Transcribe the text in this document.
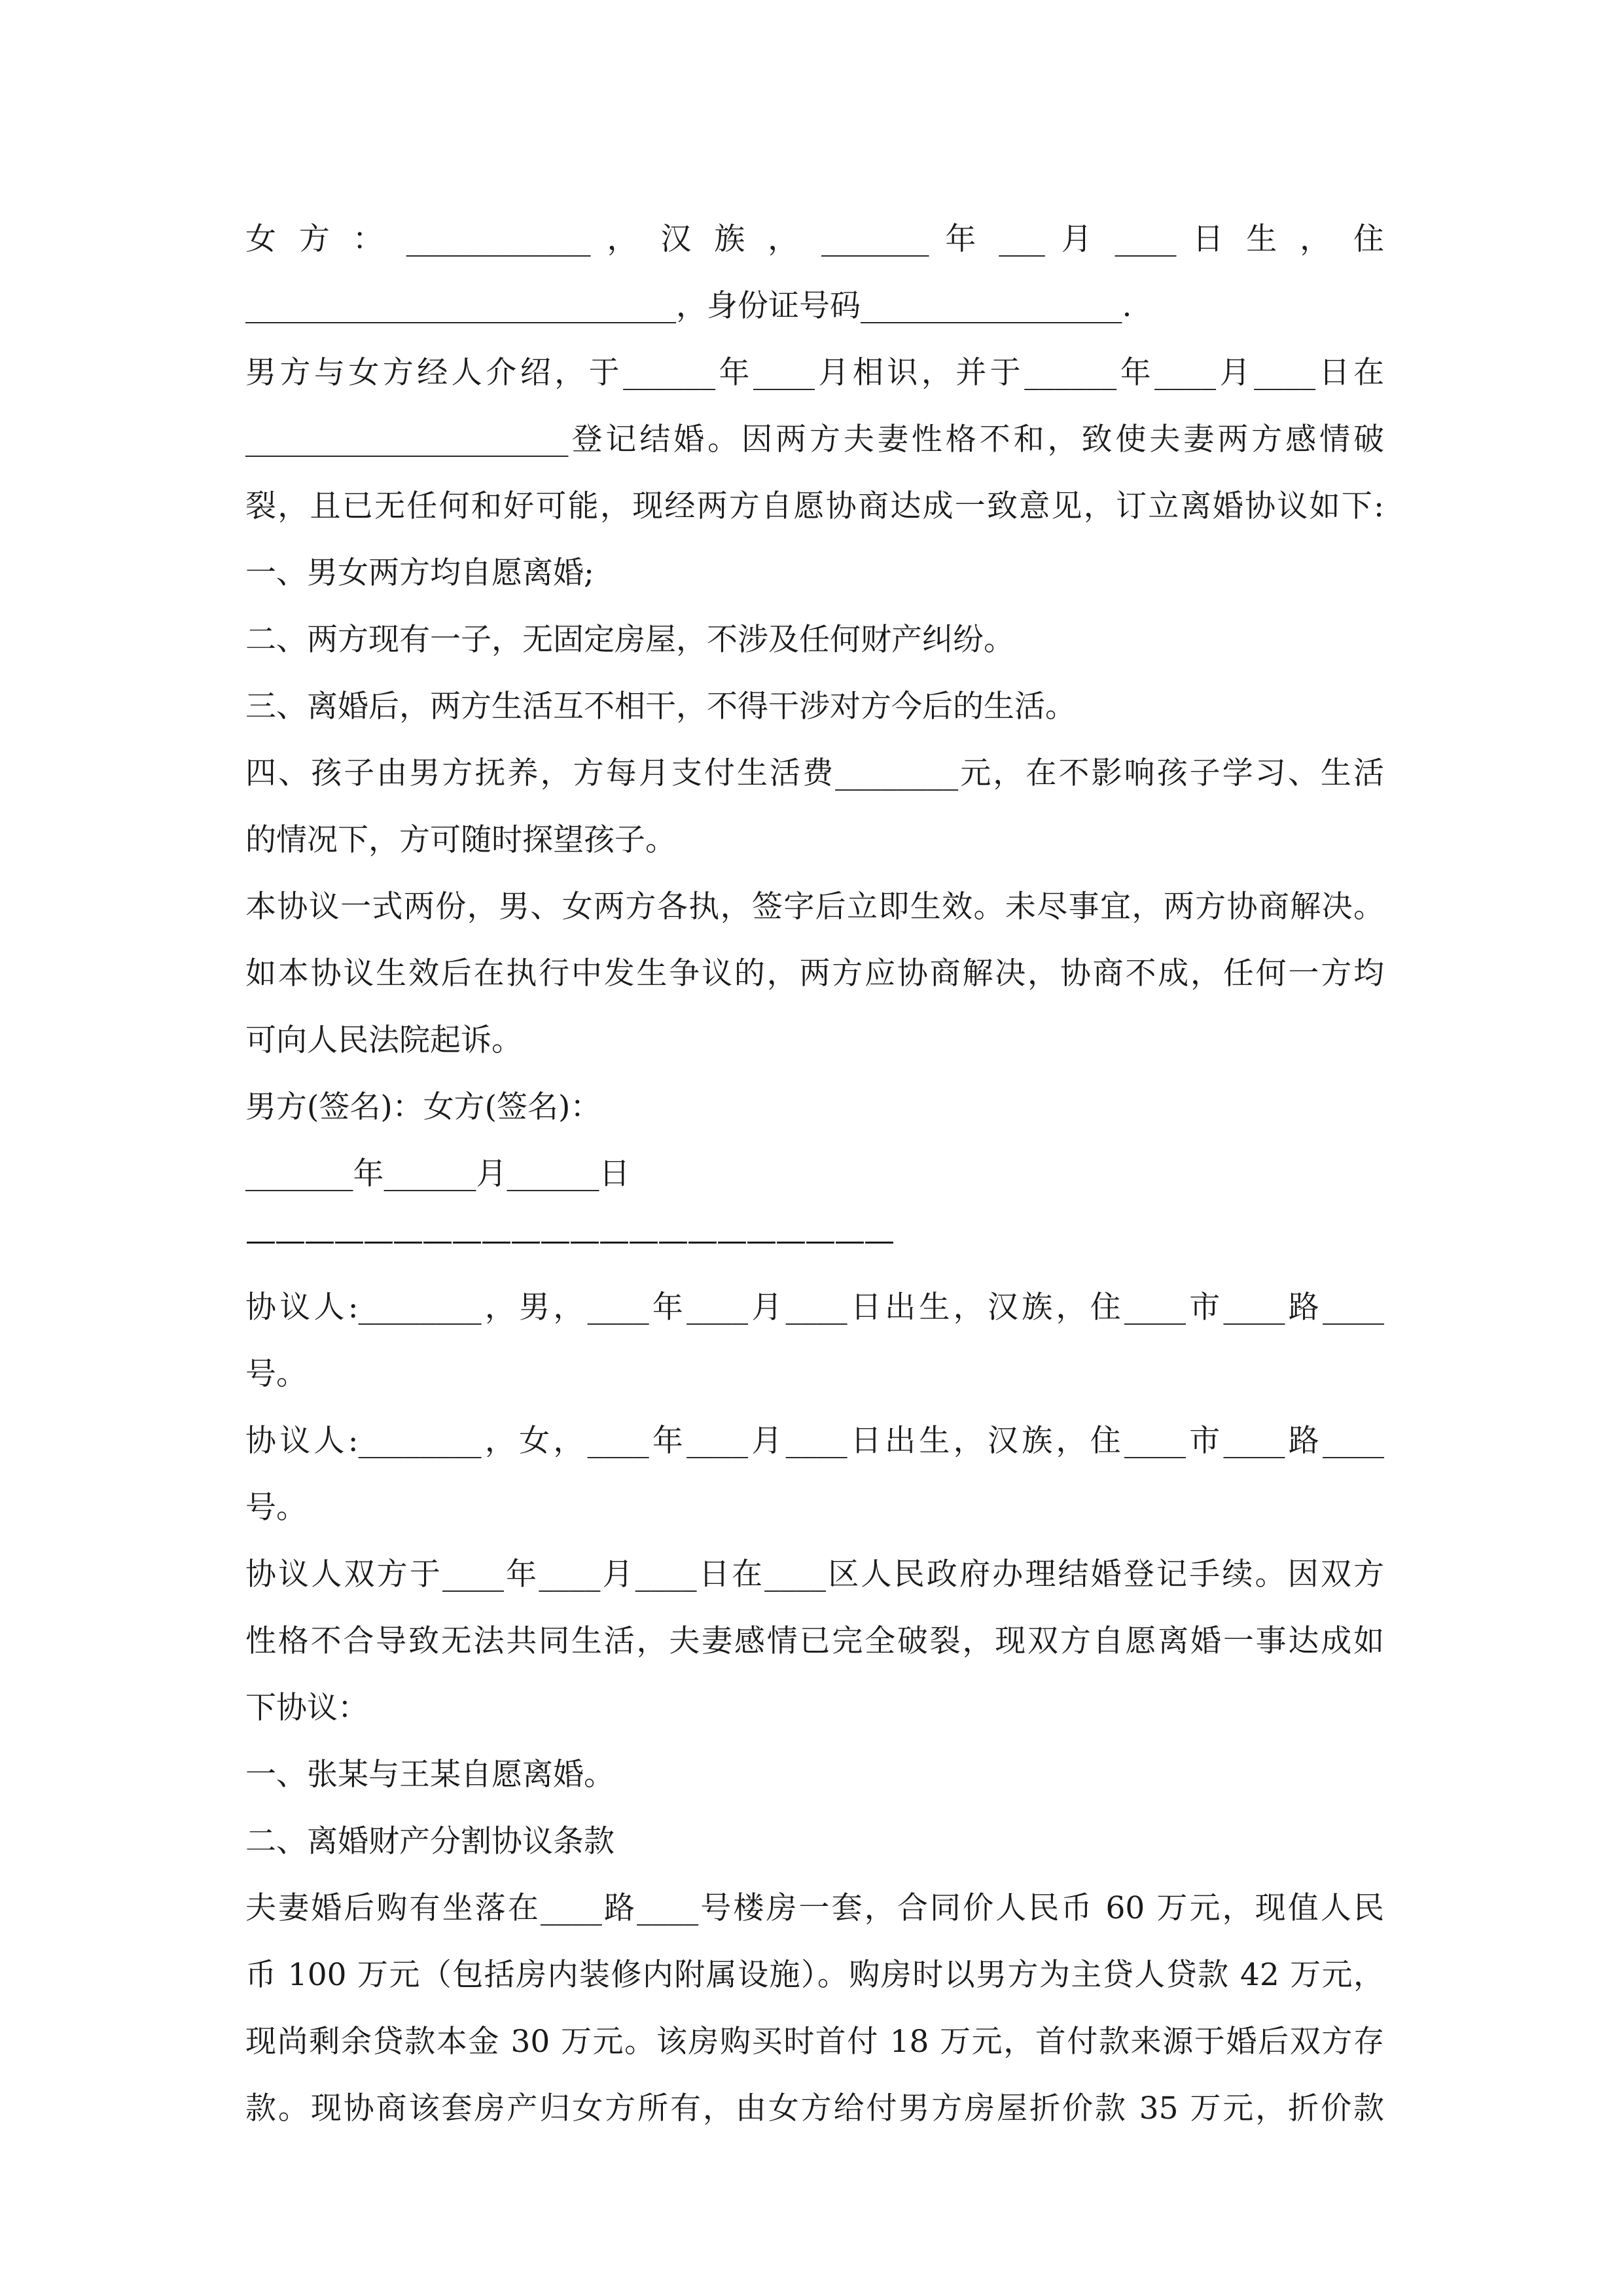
女 方 ： ____________ ， 汉 族 ， _______ 年 ___ 月 ____ 日 生 ， 住
____________________________，身份证号码_________________.
男方与女方经人介绍，于______年____月相识，并于______年____月____日在
_____________________登记结婚。因两方夫妻性格不和，致使夫妻两方感情破
裂，且已无任何和好可能，现经两方自愿协商达成一致意见，订立离婚协议如下:
一、男女两方均自愿离婚;
二、两方现有一子，无固定房屋，不涉及任何财产纠纷。
三、离婚后，两方生活互不相干，不得干涉对方今后的生活。
四、孩子由男方抚养，方每月支付生活费________元，在不影响孩子学习、生活
的情况下，方可随时探望孩子。
本协议一式两份，男、女两方各执，签字后立即生效。未尽事宜，两方协商解决。
如本协议生效后在执行中发生争议的，两方应协商解决，协商不成，任何一方均
可向人民法院起诉。
男方(签名)：女方(签名)：
_______年______月______日
——————————————————————
协议人:________，男，____年____月____日出生，汉族，住____市____路____
号。
协议人:________，女，____年____月____日出生，汉族，住____市____路____
号。
协议人双方于____年____月____日在____区人民政府办理结婚登记手续。因双方
性格不合导致无法共同生活，夫妻感情已完全破裂，现双方自愿离婚一事达成如
下协议：
一、张某与王某自愿离婚。
二、离婚财产分割协议条款
夫妻婚后购有坐落在____路____号楼房一套，合同价人民币 60 万元，现值人民
币 100 万元（包括房内装修内附属设施）。购房时以男方为主贷人贷款 42 万元，
现尚剩余贷款本金 30 万元。该房购买时首付 18 万元，首付款来源于婚后双方存
款。现协商该套房产归女方所有，由女方给付男方房屋折价款 35 万元，折价款
